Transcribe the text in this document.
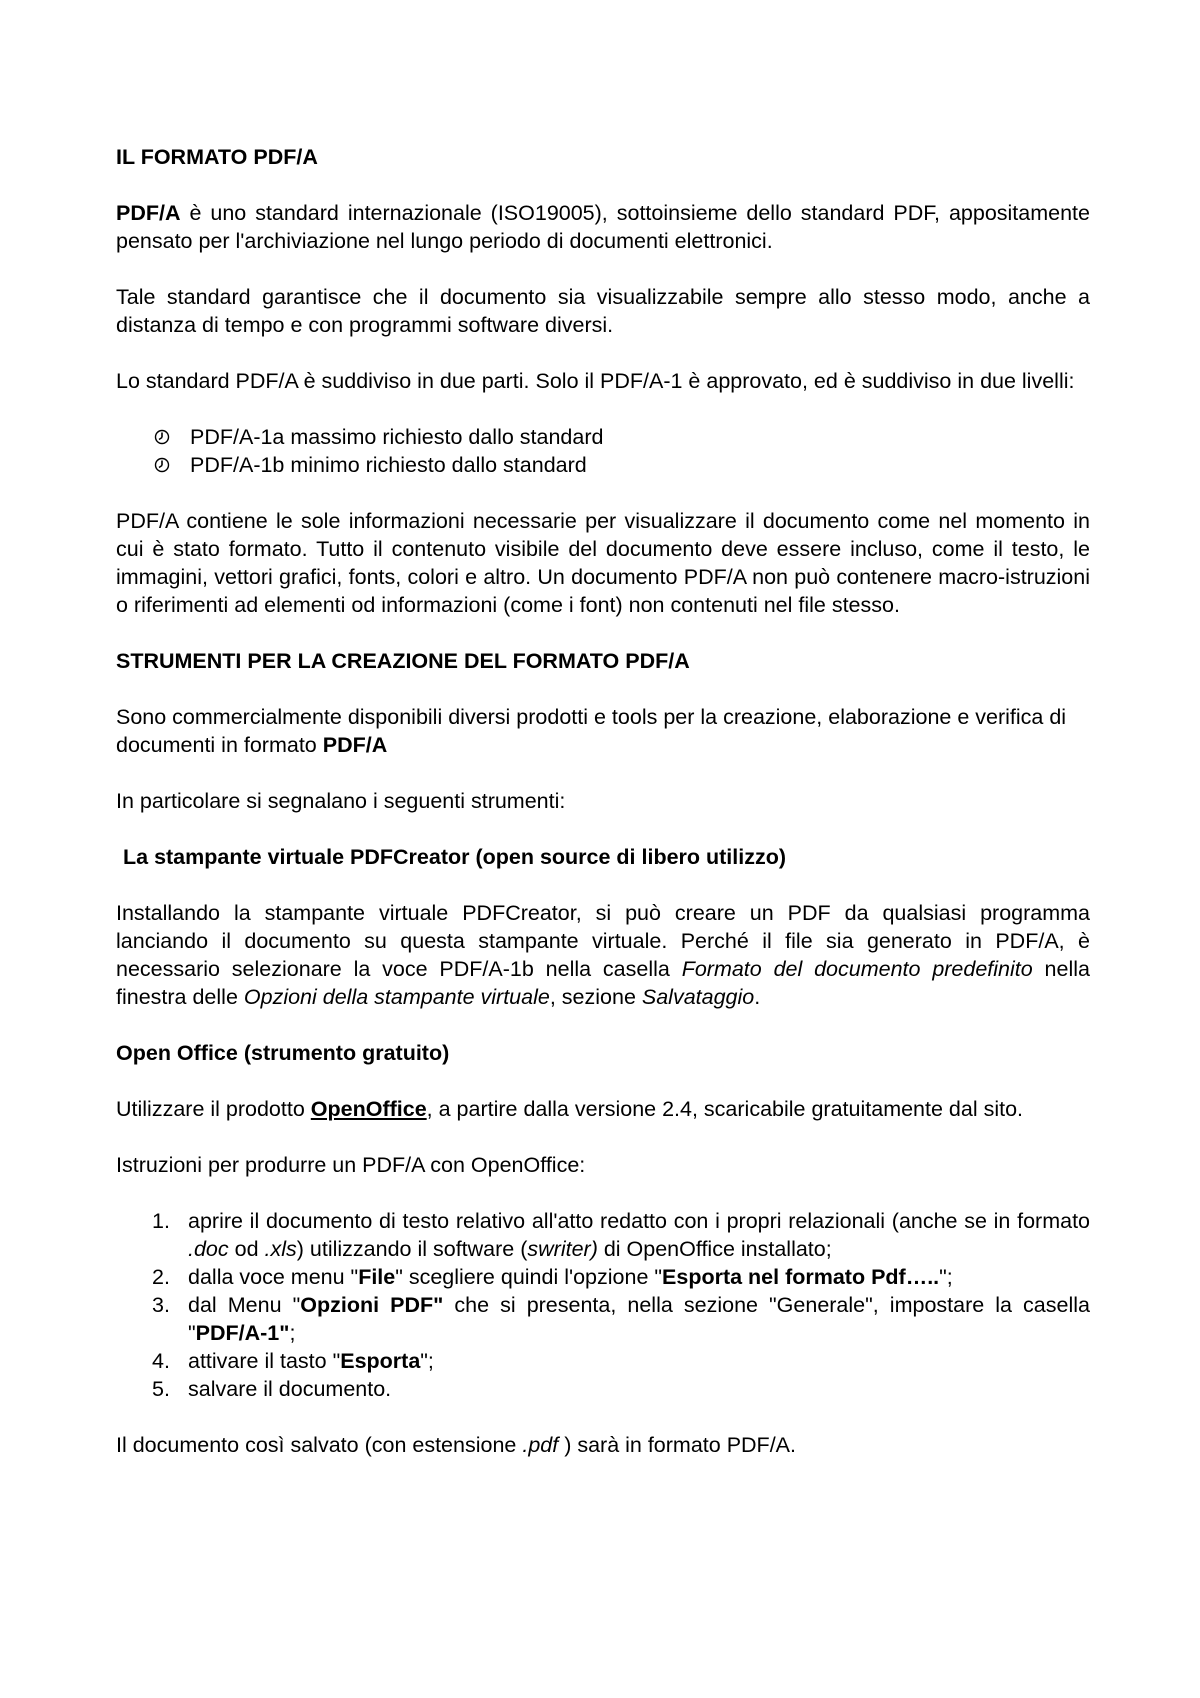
IL FORMATO PDF/A

PDF/A è uno standard internazionale (ISO19005), sottoinsieme dello standard PDF, appositamente pensato per l'archiviazione nel lungo periodo di documenti elettronici.

Tale standard garantisce che il documento sia visualizzabile sempre allo stesso modo, anche a distanza di tempo e con programmi software diversi.

Lo standard PDF/A è suddiviso in due parti. Solo il PDF/A-1 è approvato, ed è suddiviso in due livelli:

PDF/A-1a massimo richiesto dallo standard
PDF/A-1b minimo richiesto dallo standard

PDF/A contiene le sole informazioni necessarie per visualizzare il documento come nel momento in cui è stato formato. Tutto il contenuto visibile del documento deve essere incluso, come il testo, le immagini, vettori grafici, fonts, colori e altro. Un documento PDF/A non può contenere macro-istruzioni o riferimenti ad elementi od informazioni (come i font) non contenuti nel file stesso.

STRUMENTI PER LA CREAZIONE DEL FORMATO PDF/A

Sono commercialmente disponibili diversi prodotti e tools per la creazione, elaborazione e verifica di documenti in formato PDF/A

In particolare si segnalano i seguenti strumenti:

La stampante virtuale PDFCreator (open source di libero utilizzo)

Installando la stampante virtuale PDFCreator, si può creare un PDF da qualsiasi programma lanciando il documento su questa stampante virtuale. Perché il file sia generato in PDF/A, è necessario selezionare la voce PDF/A-1b nella casella Formato del documento predefinito nella finestra delle Opzioni della stampante virtuale, sezione Salvataggio.

Open Office (strumento gratuito)

Utilizzare il prodotto OpenOffice, a partire dalla versione 2.4, scaricabile gratuitamente dal sito.

Istruzioni per produrre un PDF/A con OpenOffice:

1. aprire il documento di testo relativo all'atto redatto con i propri relazionali (anche se in formato .doc od .xls) utilizzando il software (swriter) di OpenOffice installato;
2. dalla voce menu "File" scegliere quindi l'opzione "Esporta nel formato Pdf…..";
3. dal Menu "Opzioni PDF" che si presenta, nella sezione "Generale", impostare la casella "PDF/A-1";
4. attivare il tasto "Esporta";
5. salvare il documento.

Il documento così salvato (con estensione .pdf ) sarà in formato PDF/A.
